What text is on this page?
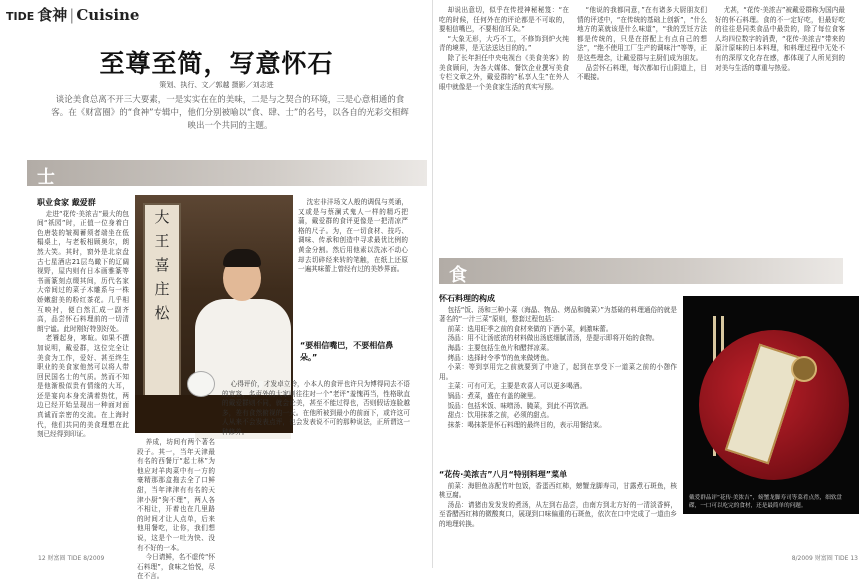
TIDE 食神 | Cuisine
至尊至简，写意怀石
策划、执行、文／郭越 摄影／刘志进
谈论美食总离不开三大要素，一是实实在在的美味，二是与之契合的环境，三是心意相通的食客。在《财富圈》的“食神”专辑中，他们分别被喻以“食、肆、士”的名号，以各自的光彩交相辉映出一个共同的主题。
士

职业食家 戴爱群

走进“花传·美浓吉”最大的包间“祇园”时，正值一位身着白色唐装的皱褐蓄须者端坐在低榻桌上，与老板相顾奥尔，朗然大笑。其时，窗外是北京盘古七星酒店21层鸟瞰下的辽阔视野，屋内则有日本画雅篆等书画篆刻点缀其间，历代名家大帝间过的菜子木雕系与一株娇嫩甜美的粉红茶花。几乎相互映衬，便白然汇成一副齐高，品尝怀石料理前的一切清朗宁谧。此时刚好特别好处。

老饕起身，寒暄。如果不撰加说明，戴爱群，这位完全让美食为工作，爱好、甚至终生职业的美食家他然可以将人带回民国名士的气质。然而不知是他渐极似贵有情缘的大耳，还是宴向本身充满着热忱，两边已经开始呈现出一种面对面真诚而亲密的交流。在上海时代，他们共同的美食理想在此刻已经得到印证。

大
王
喜
庄
松

沈宏非洋场文人般的调侃与英诵，又或是与蔡澜式鬼人一样的精巧把蒲，戴爱群的食评更像是一把清凉严格的尺子。为，在一切食材、技巧、调味、传承和创造中寻求最优比例的黄金分割。然后用他素以洗冰不动心却去切碎经来转的笔触，在纸上还原一遍其味蕾上曾经有过的美妙界面。

“要相信嘴巴，不要相信鼻朵。”

养成，坊间有两个著名段子。其一，当年天津最有名的西餐厅“起士林”为他应对羊肉菜中有一方的豪精那那盒拖去全了口鲜甜，当年津津有有名的天津小厨“狗不理”，两人各不相让，开着也在几里路的时间才让人点单，后来他用餐吃，让你，我们想说，这是个一吐为快、没有不好的一本。

今日请鲜，名不虚传“怀石料理”，食味之怡悦，尽在不言。

心得评价，才发卓立冷，小本人的食评也许只为博得同去不语的宽容，名声外的大家则往往对一个“老评”羞愧再当，性格耿直的戴爱群则不同，就会论美，甚至不能过得也，否则假话连脸越多，差有食然俯视的一天。在他所被到最小的前面下，或许这可人从来不会发表点评，也会发表说不可的那种说法，正所谓这一种修养。

12 财富圈 TIDE 8/2009

却说出意切，似乎在传授神秘秘笈：“在吃的时候，任何外在的评论都是不可取的，要相信嘴巴，不要相信耳朵。”

“大象无形，大巧不工，不修饰到炉火纯青的境界，是无法送达目的的。”

除了长年担任中央电视台《美食美客》的美食顾问，为各大媒体、餐饮企业撰写美食专栏文章之外，戴爱群的“私享人生”在外人眼中就像是一个美食家生活的真实写照。

“他说的我都同意，”在有诸多大厨朋友们情的评述中，“在传统的基础上创新”，“什么地方的菜就该是什么味道”，“我的烹饪方法都是传统的，只是在搭配上有点自己的想法”，“绝不使用工厂生产的调味汁”等等，正是这些理念，让戴爱群与主厨们成为朋友。

品尝怀石料理，每次都如行山阴道上，目不暇接。

尤甚，“花传·美浓吉”被戴爱群称为国内最好的怀石料理。食的不一定好吃，但最好吃的往往是同类食品中最贵的，除了每位食客人均四位数字的消费，“花传·美浓吉”带来的原汁原味的日本料理，和料理过程中无处不有的深厚文化存在感，都体现了人所见到的对美与生活的尊重与热爱。

食

怀石料理的构成

包括“饭、汤和三种小菜（海晶、物品、烤品和腌菜）”为基础的料理通俗的就是著名的“一汁三菜”原则，整套过程包括：

前菜：选用旺季之前的食材来做的下酒小菜，刺激味蕾。

汤品：用不让汤底浓的材料做出汤底细腻清汤，是提示即将开始的食物。

海晶：主要包括生鱼片和醋拌凉菜。

烤品：选择时令季节的鱼来做烤鱼。

小菜：等到享用完之前就要到了中途了，起到在享受下一道菜之前的小憩作用。

主菜：可有可无，主要是欢喜人可以更多喝酒。

锅品：煮菜，盛在有盖的碗里。

饭品：包括米饭、味噌汤、腌菜，到此不再饮酒。

甜点：饮用抹茶之前，必须的甜点。

抹茶：喝抹茶是怀石料理的最终目的，表示用餐结束。

“花传·美浓吉”八月“特别料理”菜单

前菜：海胆鱼冻配竹叶包饭，香蛋西红柿，螃蟹龙脚寿司，甘露煮石斑鱼，核桃豆腐。

汤品：请猪由发发发的煮汤，从左到右品尝，由南方到北方好的一清淡香鲜，至香醋西红柿的微酸爽口，展现到口味偏重的石斑鱼，依次在口中完成了一道由乡的地理转换。

戴爱群品评“花传·美浓吉”，螃蟹龙脚寿司等菜肴点然，细软盘碟，一口可以吃完的食材，还是最简单的问题。
8/2009 财富圈 TIDE 13
